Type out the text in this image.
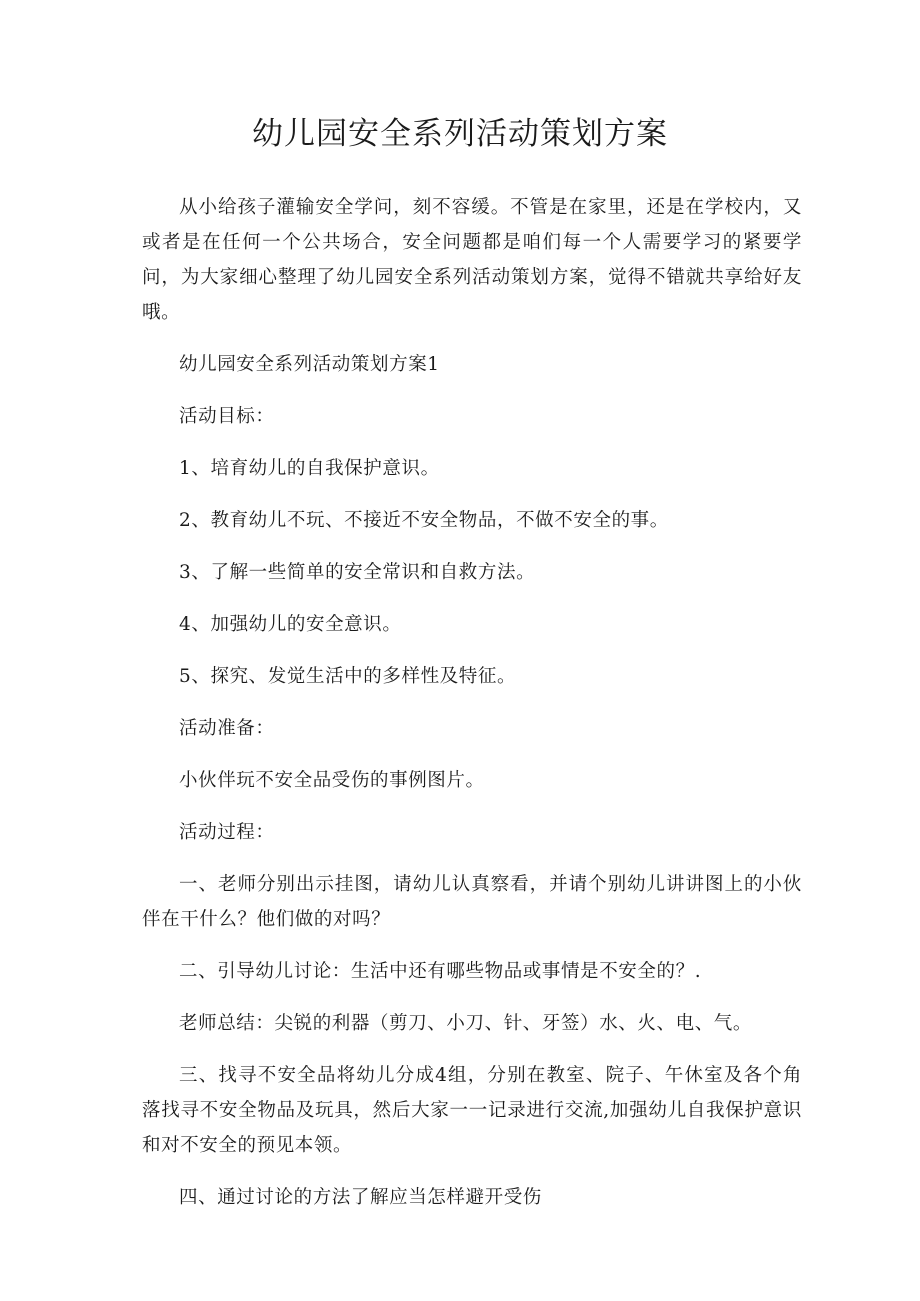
幼儿园安全系列活动策划方案

从小给孩子灌输安全学问，刻不容缓。不管是在家里，还是在学校内，又或者是在任何一个公共场合，安全问题都是咱们每一个人需要学习的紧要学问，为大家细心整理了幼儿园安全系列活动策划方案，觉得不错就共享给好友哦。

幼儿园安全系列活动策划方案1

活动目标：

1、培育幼儿的自我保护意识。

2、教育幼儿不玩、不接近不安全物品，不做不安全的事。

3、了解一些简单的安全常识和自救方法。

4、加强幼儿的安全意识。

5、探究、发觉生活中的多样性及特征。

活动准备：

小伙伴玩不安全品受伤的事例图片。

活动过程：

一、老师分别出示挂图，请幼儿认真察看，并请个别幼儿讲讲图上的小伙伴在干什么？他们做的对吗？

二、引导幼儿讨论：生活中还有哪些物品或事情是不安全的？.

老师总结：尖锐的利器（剪刀、小刀、针、牙签）水、火、电、气。

三、找寻不安全品将幼儿分成4组，分别在教室、院子、午休室及各个角落找寻不安全物品及玩具，然后大家一一记录进行交流,加强幼儿自我保护意识和对不安全的预见本领。

四、通过讨论的方法了解应当怎样避开受伤
